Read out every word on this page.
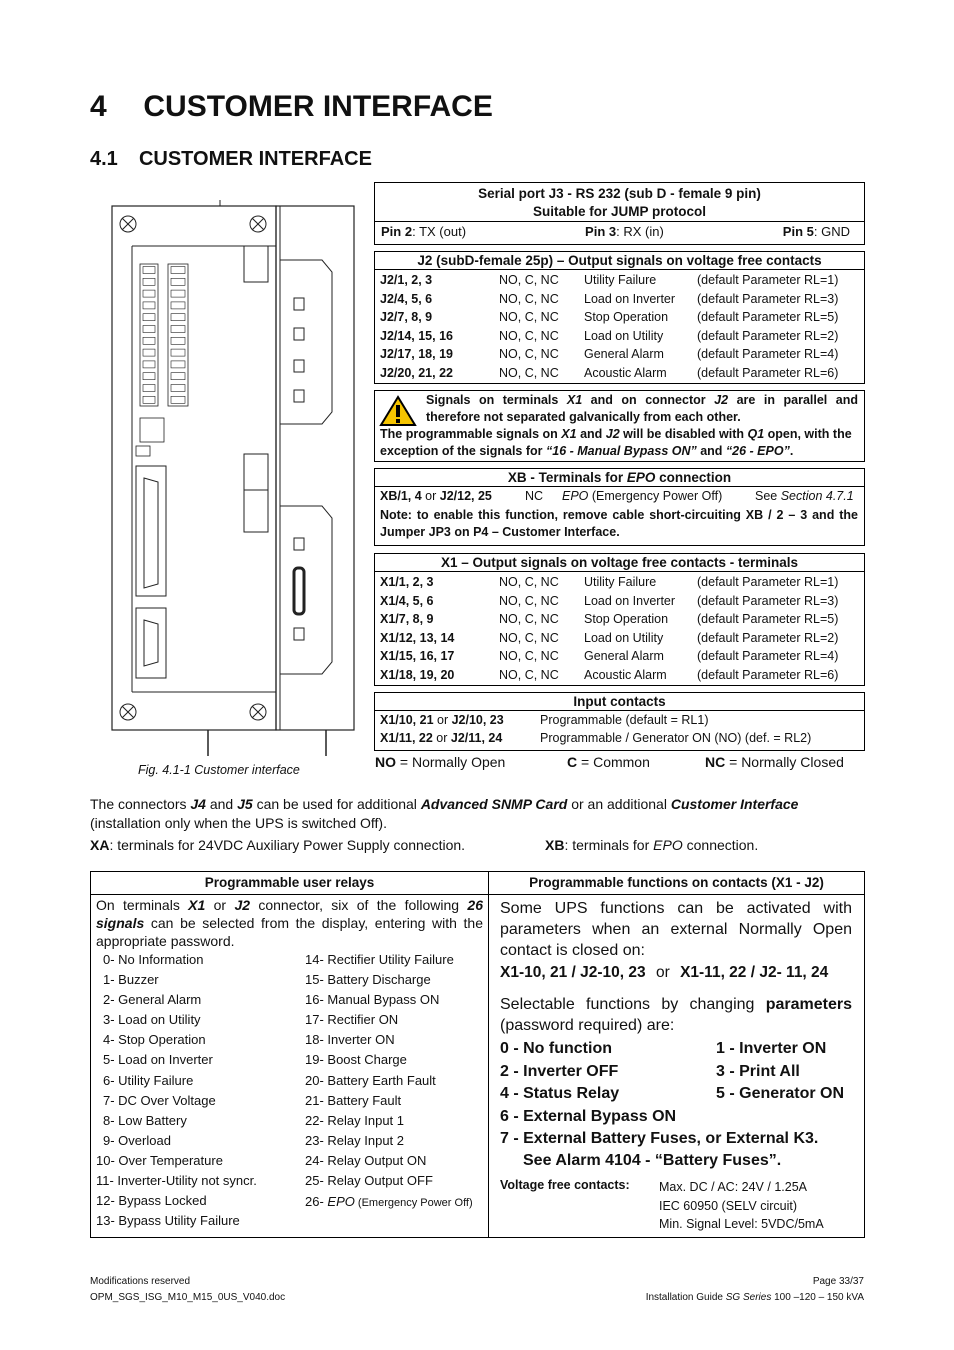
4 CUSTOMER INTERFACE
4.1 CUSTOMER INTERFACE
Fig. 4.1-1 Customer interface
Serial port J3 - RS 232 (sub D - female 9 pin)
Suitable for JUMP protocol
Pin 2: TX (out)	Pin 3: RX (in)	Pin 5: GND
J2 (subD-female 25p) – Output signals on voltage free contacts
J2/1, 2, 3	NO, C, NC Utility Failure	(default Parameter RL=1)
J2/4, 5, 6	NO, C, NC Load on Inverter (default Parameter RL=3)
J2/7, 8, 9	NO, C, NC Stop Operation (default Parameter RL=5)
J2/14, 15, 16	NO, C, NC Load on Utility	(default Parameter RL=2)
J2/17, 18, 19	NO, C, NC General Alarm	(default Parameter RL=4)
J2/20, 21, 22	NO, C, NC Acoustic Alarm (default Parameter RL=6)
Signals on terminals X1 and on connector J2 are in parallel and therefore not separated galvanically from each other.
The programmable signals on X1 and J2 will be disabled with Q1 open, with the exception of the signals for “16 - Manual Bypass ON” and “26 - EPO”.
XB - Terminals for EPO connection
XB/1, 4 or J2/12, 25	NC EPO (Emergency Power Off)	See Section 4.7.1
Note: to enable this function, remove cable short-circuiting XB / 2 – 3 and the Jumper JP3 on P4 – Customer Interface.
X1 – Output signals on voltage free contacts - terminals
X1/1, 2, 3	NO, C, NC Utility Failure	(default Parameter RL=1)
X1/4, 5, 6	NO, C, NC Load on Inverter (default Parameter RL=3)
X1/7, 8, 9	NO, C, NC Stop Operation (default Parameter RL=5)
X1/12, 13, 14	NO, C, NC Load on Utility	(default Parameter RL=2)
X1/15, 16, 17	NO, C, NC General Alarm	(default Parameter RL=4)
X1/18, 19, 20	NO, C, NC Acoustic Alarm (default Parameter RL=6)
Input contacts
X1/10, 21 or J2/10, 23	Programmable (default = RL1)
X1/11, 22 or J2/11, 24	Programmable / Generator ON (NO) (def. = RL2)
NO = Normally Open	C = Common	NC = Normally Closed
The connectors J4 and J5 can be used for additional Advanced SNMP Card or an additional Customer Interface
(installation only when the UPS is switched Off).
XA: terminals for 24VDC Auxiliary Power Supply connection.	XB: terminals for EPO connection.
Programmable user relays	Programmable functions on contacts (X1 - J2)
On terminals X1 or J2 connector, six of the following 26 signals can be selected from the display, entering with the appropriate password.
0- No Information
1- Buzzer
2- General Alarm
3- Load on Utility
4- Stop Operation
5- Load on Inverter
6- Utility Failure
7- DC Over Voltage
8- Low Battery
9- Overload
10- Over Temperature
11- Inverter-Utility not syncr.
12- Bypass Locked
13- Bypass Utility Failure
14- Rectifier Utility Failure
15- Battery Discharge
16- Manual Bypass ON
17- Rectifier ON
18- Inverter ON
19- Boost Charge
20- Battery Earth Fault
21- Battery Fault
22- Relay Input 1
23- Relay Input 2
24- Relay Output ON
25- Relay Output OFF
26- EPO (Emergency Power Off)
Some UPS functions can be activated with parameters when an external Normally Open contact is closed on:
X1-10, 21 / J2-10, 23 or X1-11, 22 / J2- 11, 24
Selectable functions by changing parameters (password required) are:
0 - No function	1 - Inverter ON
2 - Inverter OFF	3 - Print All
4 - Status Relay	5 - Generator ON
6 - External Bypass ON
7 - External Battery Fuses, or External K3.
See Alarm 4104 - “Battery Fuses”.
Voltage free contacts: Max. DC / AC: 24V / 1.25A
IEC 60950 (SELV circuit)
Min. Signal Level: 5VDC/5mA
Modifications reserved
OPM_SGS_ISG_M10_M15_0US_V040.doc
Page 33/37
Installation Guide SG Series 100 –120 – 150 kVA
